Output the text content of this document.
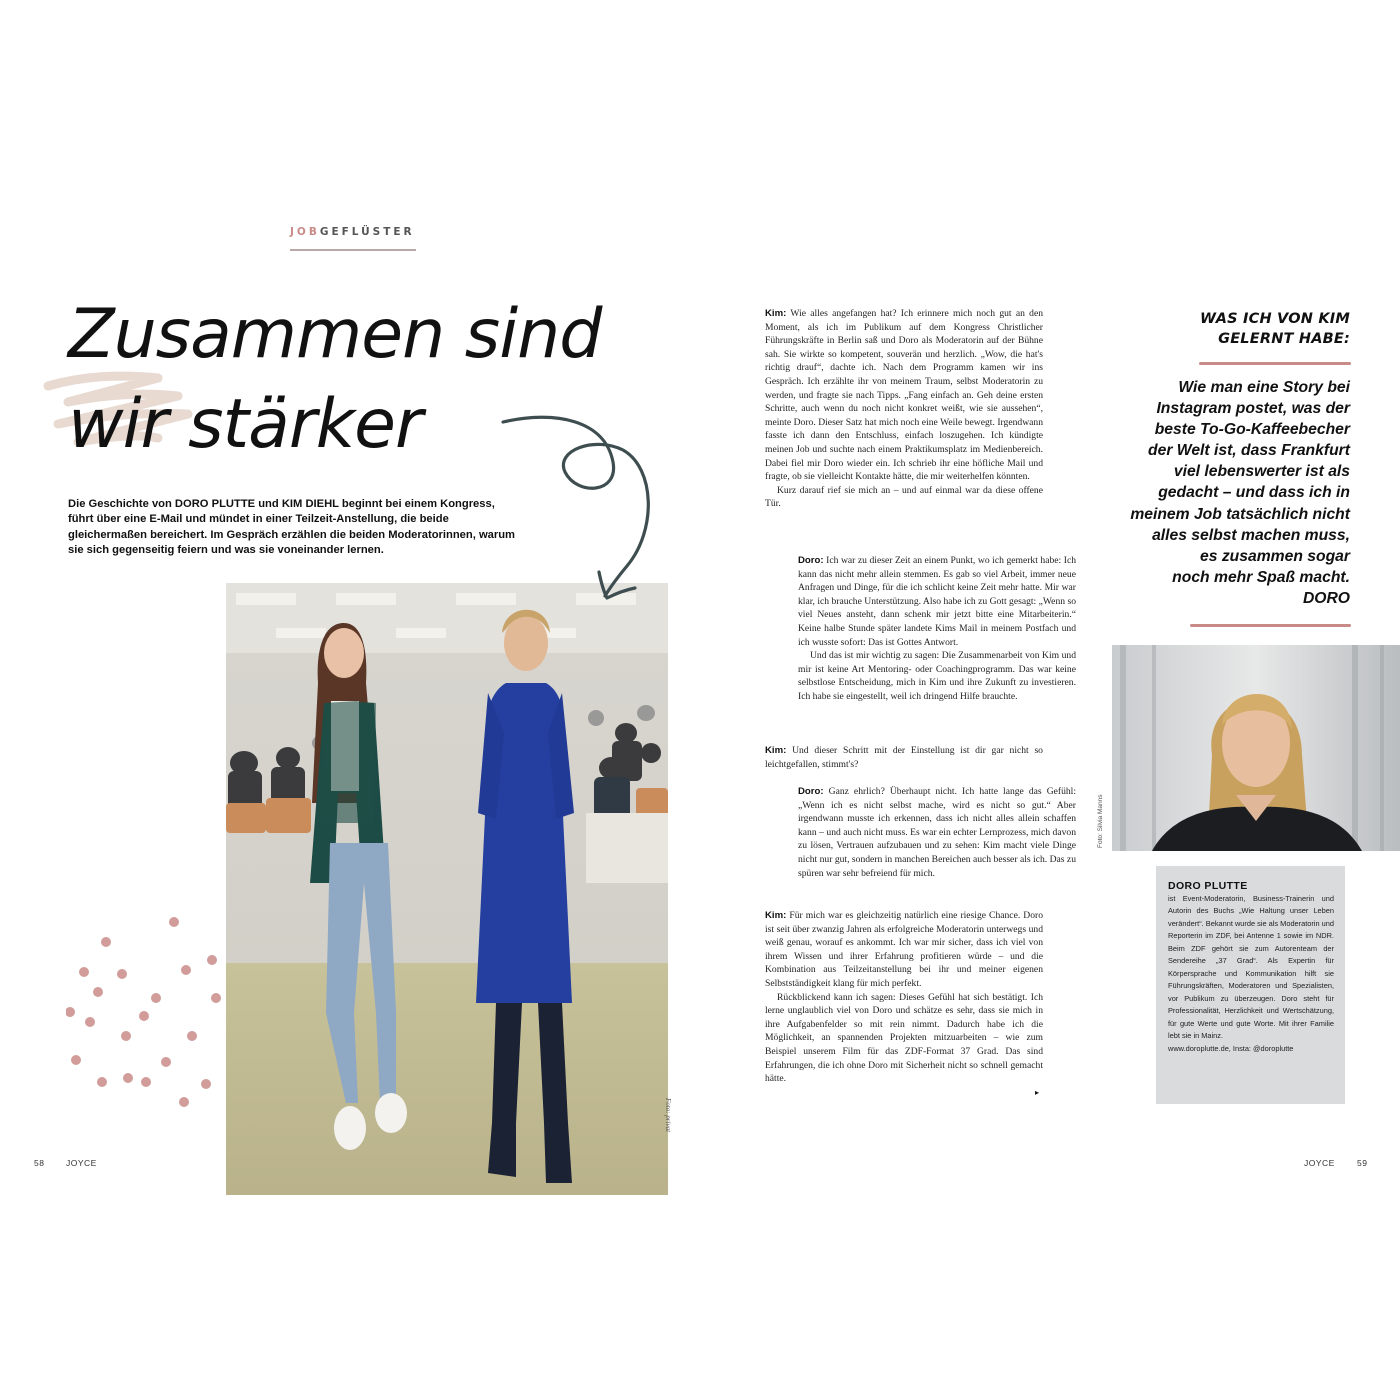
JOBGEFLÜSTER
Zusammen sind
wir stärker
Die Geschichte von DORO PLUTTE und KIM DIEHL beginnt bei einem Kongress, führt über eine E-Mail und mündet in einer Teilzeit-Anstellung, die beide gleichermaßen bereichert. Im Gespräch erzählen die beiden Moderatorinnen, warum sie sich gegenseitig feiern und was sie voneinander lernen.
Foto: privat
58	JOYCE

Kim: Wie alles angefangen hat? Ich erinnere mich noch gut an den Moment, als ich im Publikum auf dem Kongress Christlicher Führungskräfte in Berlin saß und Doro als Moderatorin auf der Bühne sah. Sie wirkte so kompetent, souverän und herzlich. „Wow, die hat's richtig drauf“, dachte ich. Nach dem Programm kamen wir ins Gespräch. Ich erzählte ihr von meinem Traum, selbst Moderatorin zu werden, und fragte sie nach Tipps. „Fang einfach an. Geh deine ersten Schritte, auch wenn du noch nicht konkret weißt, wie sie aussehen“, meinte Doro. Dieser Satz hat mich noch eine Weile bewegt. Irgendwann fasste ich dann den Entschluss, einfach loszugehen. Ich kündigte meinen Job und suchte nach einem Praktikumsplatz im Medienbereich. Dabei fiel mir Doro wieder ein. Ich schrieb ihr eine höfliche Mail und fragte, ob sie vielleicht Kontakte hätte, die mir weiterhelfen könnten.

Kurz darauf rief sie mich an – und auf einmal war da diese offene Tür.

Doro: Ich war zu dieser Zeit an einem Punkt, wo ich gemerkt habe: Ich kann das nicht mehr allein stemmen. Es gab so viel Arbeit, immer neue Anfragen und Dinge, für die ich schlicht keine Zeit mehr hatte. Mir war klar, ich brauche Unterstützung. Also habe ich zu Gott gesagt: „Wenn so viel Neues ansteht, dann schenk mir jetzt bitte eine Mitarbeiterin.“ Keine halbe Stunde später landete Kims Mail in meinem Postfach und ich wusste sofort: Das ist Gottes Antwort.

Und das ist mir wichtig zu sagen: Die Zusammenarbeit von Kim und mir ist keine Art Mentoring- oder Coachingprogramm. Das war keine selbstlose Entscheidung, mich in Kim und ihre Zukunft zu investieren. Ich habe sie eingestellt, weil ich dringend Hilfe brauchte.

Kim: Und dieser Schritt mit der Einstellung ist dir gar nicht so leichtgefallen, stimmt's?

Doro: Ganz ehrlich? Überhaupt nicht. Ich hatte lange das Gefühl: „Wenn ich es nicht selbst mache, wird es nicht so gut.“ Aber irgendwann musste ich erkennen, dass ich nicht alles allein schaffen kann – und auch nicht muss. Es war ein echter Lernprozess, mich davon zu lösen, Vertrauen aufzubauen und zu sehen: Kim macht viele Dinge nicht nur gut, sondern in manchen Bereichen auch besser als ich. Das zu spüren war sehr befreiend für mich.

Kim: Für mich war es gleichzeitig natürlich eine riesige Chance. Doro ist seit über zwanzig Jahren als erfolgreiche Moderatorin unterwegs und weiß genau, worauf es ankommt. Ich war mir sicher, dass ich viel von ihrem Wissen und ihrer Erfahrung profitieren würde – und die Kombination aus Teilzeitanstellung bei ihr und meiner eigenen Selbstständigkeit klang für mich perfekt.

Rückblickend kann ich sagen: Dieses Gefühl hat sich bestätigt. Ich lerne unglaublich viel von Doro und schätze es sehr, dass sie mich in ihre Aufgabenfelder so mit rein nimmt. Dadurch habe ich die Möglichkeit, an spannenden Projekten mitzuarbeiten – wie zum Beispiel unserem Film für das ZDF-Format 37 Grad. Das sind Erfahrungen, die ich ohne Doro mit Sicherheit nicht so schnell gemacht hätte.

▸
WAS ICH VON KIM
GELERNT HABE:
Wie man eine Story bei
Instagram postet, was der
beste To-Go-Kaffeebecher
der Welt ist, dass Frankfurt
viel lebenswerter ist als
gedacht – und dass ich in
meinem Job tatsächlich nicht
alles selbst machen muss,
es zusammen sogar
noch mehr Spaß macht.
DORO
Foto: Silvia Manns
DORO PLUTTE
ist Event-Moderatorin, Business-Trainerin und Autorin des Buchs „Wie Haltung unser Leben verändert“. Bekannt wurde sie als Moderatorin und Reporterin im ZDF, bei Antenne 1 sowie im NDR. Beim ZDF gehört sie zum Autorenteam der Sendereihe „37 Grad“. Als Expertin für Körpersprache und Kommunikation hilft sie Führungskräften, Moderatoren und Spezialisten, vor Publikum zu überzeugen. Doro steht für Professionalität, Herzlichkeit und Wertschätzung, für gute Werte und gute Worte. Mit ihrer Familie lebt sie in Mainz.
www.doroplutte.de, Insta: @doroplutte
JOYCE	59
